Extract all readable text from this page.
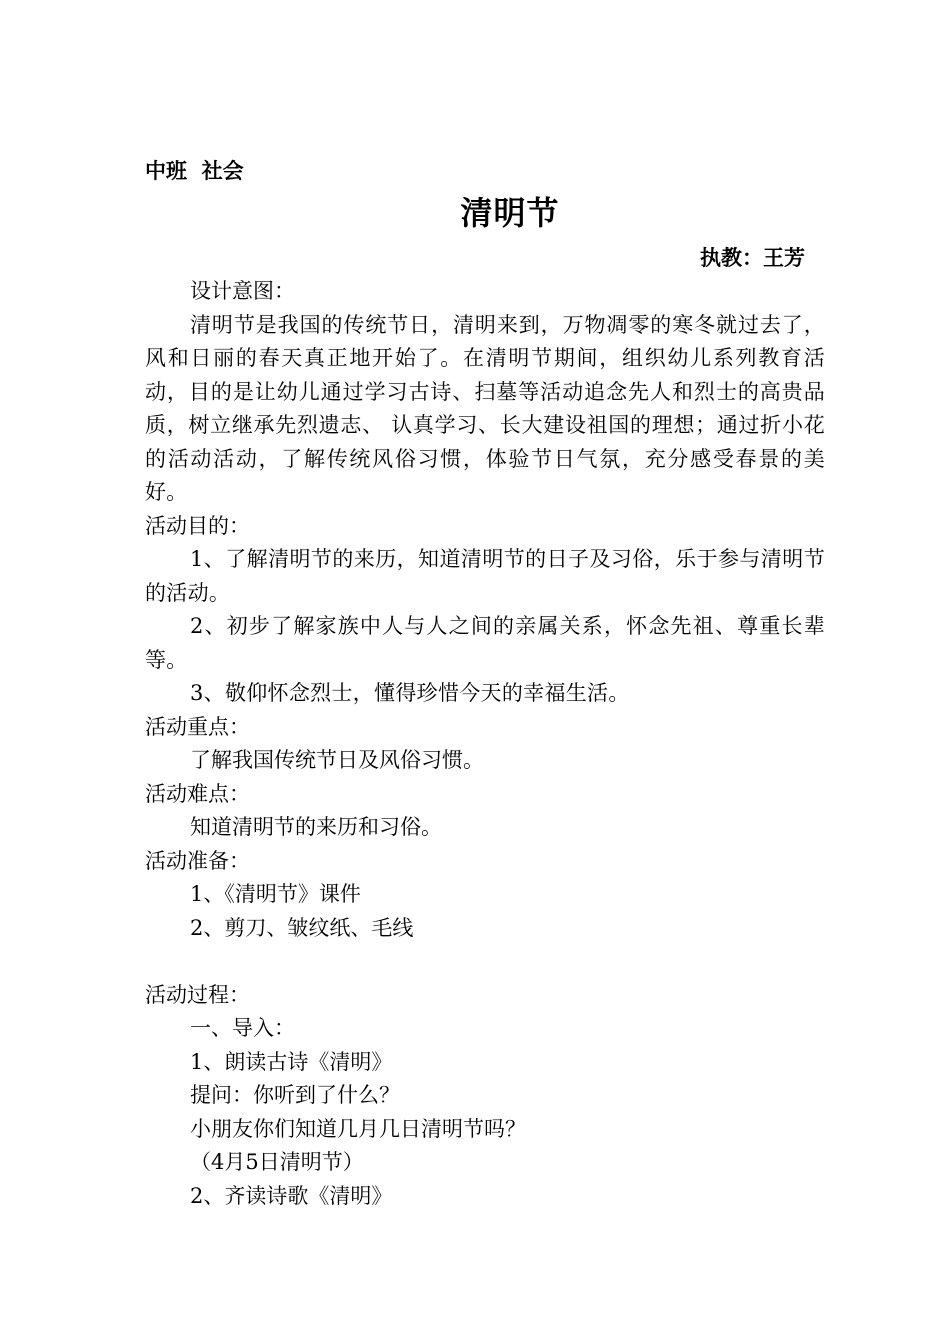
中班  社会
清明节
执教：王芳
设计意图：
清明节是我国的传统节日，清明来到，万物凋零的寒冬就过去了，风和日丽的春天真正地开始了。在清明节期间，组织幼儿系列教育活动，目的是让幼儿通过学习古诗、扫墓等活动追念先人和烈士的高贵品质，树立继承先烈遗志、 认真学习、长大建设祖国的理想；通过折小花的活动活动，了解传统风俗习惯，体验节日气氛，充分感受春景的美好。
活动目的：
1、了解清明节的来历，知道清明节的日子及习俗，乐于参与清明节的活动。
2、初步了解家族中人与人之间的亲属关系，怀念先祖、尊重长辈等。
3、敬仰怀念烈士，懂得珍惜今天的幸福生活。
活动重点：
了解我国传统节日及风俗习惯。
活动难点：
知道清明节的来历和习俗。
活动准备：
1、《清明节》课件
2、剪刀、皱纹纸、毛线
活动过程：
一、导入：
1、朗读古诗《清明》
提问：你听到了什么？
小朋友你们知道几月几日清明节吗？
（4月5日清明节）
2、齐读诗歌《清明》
